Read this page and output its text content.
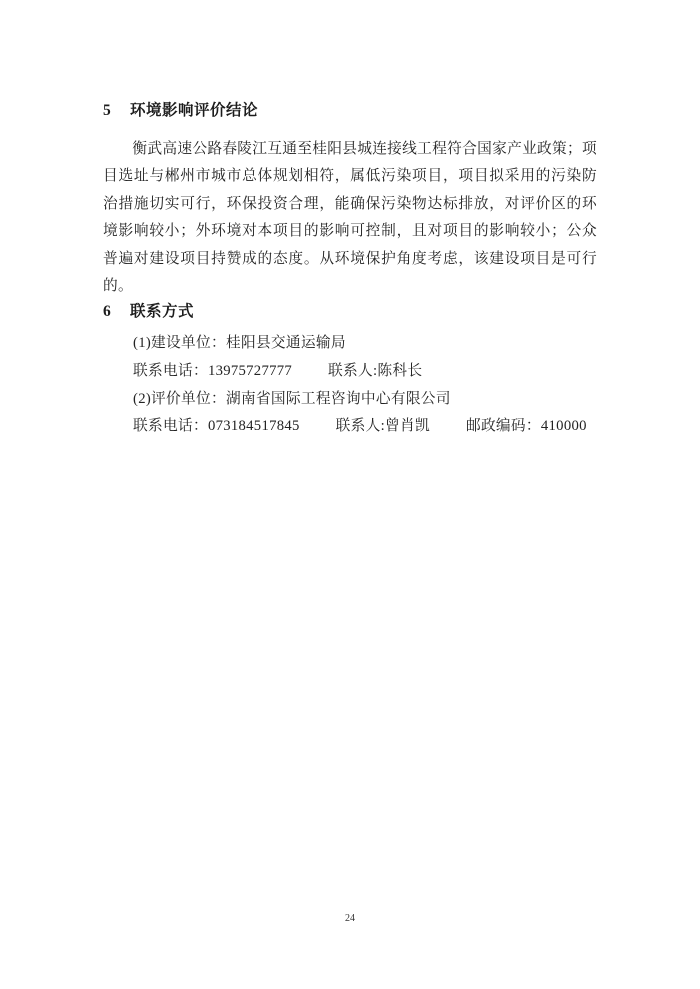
5	环境影响评价结论

衡武高速公路春陵江互通至桂阳县城连接线工程符合国家产业政策；项目选址与郴州市城市总体规划相符，属低污染项目，项目拟采用的污染防治措施切实可行，环保投资合理，能确保污染物达标排放，对评价区的环境影响较小；外环境对本项目的影响可控制，且对项目的影响较小；公众普遍对建设项目持赞成的态度。从环境保护角度考虑，该建设项目是可行的。

6	联系方式
(1)建设单位：桂阳县交通运输局
联系电话：13975727777 联系人:陈科长
(2)评价单位：湖南省国际工程咨询中心有限公司
联系电话：073184517845 联系人:曾肖凯 邮政编码：410000
24
